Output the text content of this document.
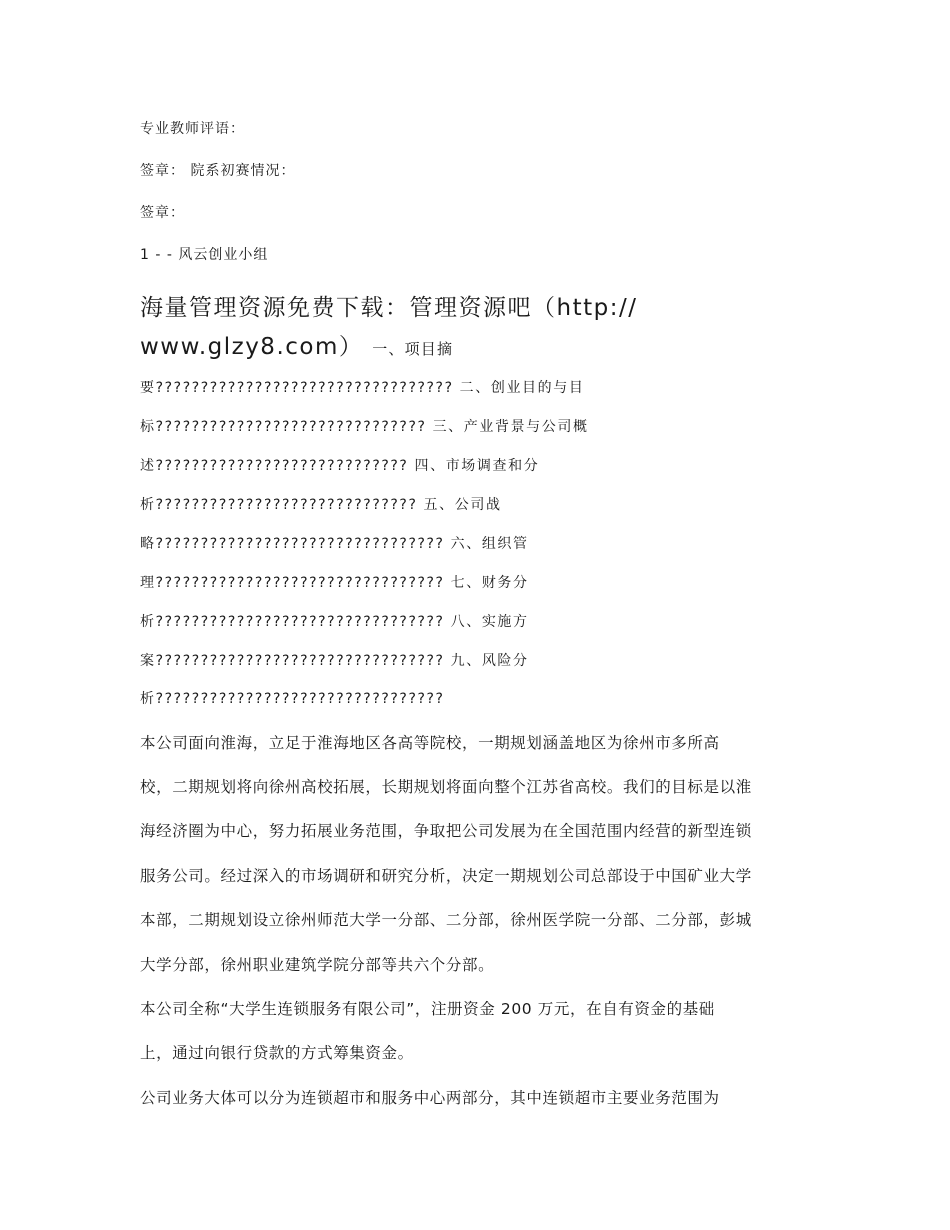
专业教师评语：

签章： 院系初赛情况：

签章：

1 - - 风云创业小组

海量管理资源免费下载：管理资源吧（http://

www.glzy8.com） 一、项目摘

要????????????????????????????????? 二、创业目的与目

标?????????????????????????????? 三、产业背景与公司概

述???????????????????????????? 四、市场调查和分

析????????????????????????????? 五、公司战

略???????????????????????????????? 六、组织管

理???????????????????????????????? 七、财务分

析???????????????????????????????? 八、实施方

案???????????????????????????????? 九、风险分

析????????????????????????????????

本公司面向淮海，立足于淮海地区各高等院校，一期规划涵盖地区为徐州市多所高

校，二期规划将向徐州高校拓展，长期规划将面向整个江苏省高校。我们的目标是以淮

海经济圈为中心，努力拓展业务范围，争取把公司发展为在全国范围内经营的新型连锁

服务公司。经过深入的市场调研和研究分析，决定一期规划公司总部设于中国矿业大学

本部，二期规划设立徐州师范大学一分部、二分部，徐州医学院一分部、二分部，彭城

大学分部，徐州职业建筑学院分部等共六个分部。

本公司全称“大学生连锁服务有限公司”，注册资金 200 万元，在自有资金的基础

上，通过向银行贷款的方式筹集资金。

公司业务大体可以分为连锁超市和服务中心两部分，其中连锁超市主要业务范围为
